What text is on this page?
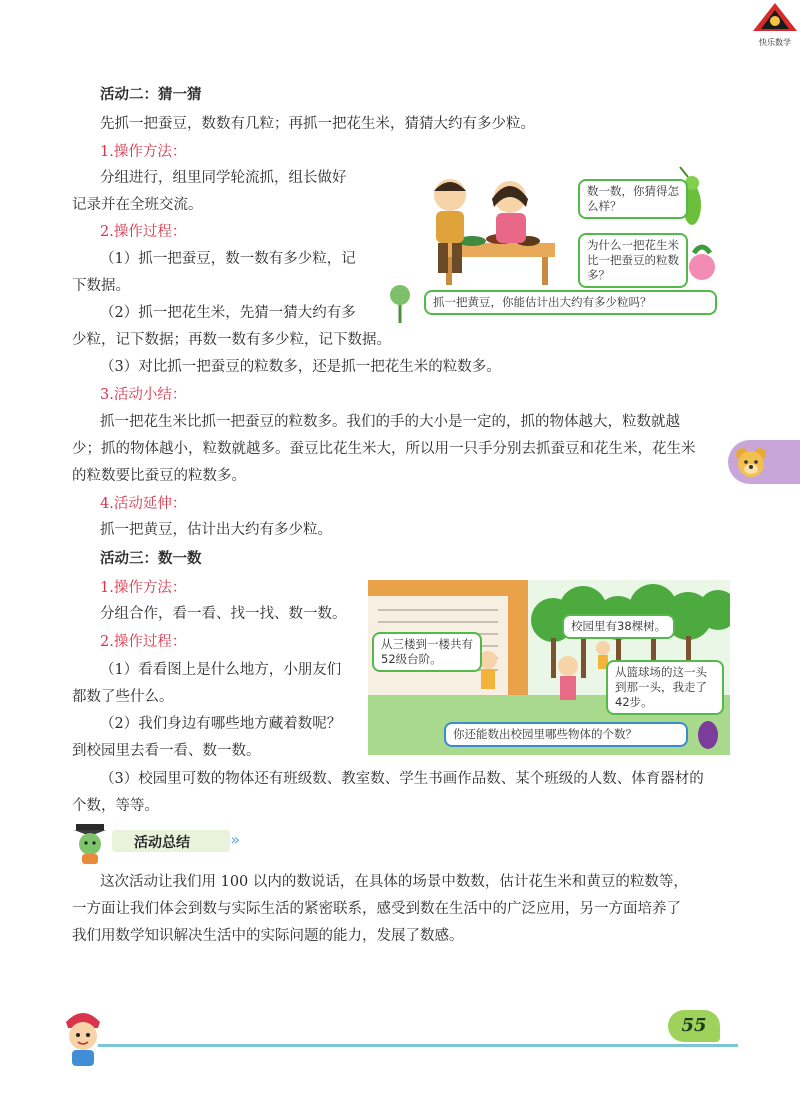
快乐数学
活动二：猜一猜
先抓一把蚕豆，数数有几粒；再抓一把花生米，猜猜大约有多少粒。
1.操作方法：
分组进行，组里同学轮流抓，组长做好
记录并在全班交流。
2.操作过程：
（1）抓一把蚕豆，数一数有多少粒，记
下数据。
（2）抓一把花生米，先猜一猜大约有多
少粒，记下数据；再数一数有多少粒，记下数据。
（3）对比抓一把蚕豆的粒数多，还是抓一把花生米的粒数多。
3.活动小结：
抓一把花生米比抓一把蚕豆的粒数多。我们的手的大小是一定的，抓的物体越大，粒数就越
少；抓的物体越小，粒数就越多。蚕豆比花生米大，所以用一只手分别去抓蚕豆和花生米，花生米
的粒数要比蚕豆的粒数多。
4.活动延伸：
抓一把黄豆，估计出大约有多少粒。
数一数，你猜得怎么样？
为什么一把花生米比一把蚕豆的粒数多？
抓一把黄豆，你能估计出大约有多少粒吗？
活动三：数一数
1.操作方法：
分组合作，看一看、找一找、数一数。
2.操作过程：
（1）看看图上是什么地方，小朋友们
都数了些什么。
（2）我们身边有哪些地方藏着数呢？
到校园里去看一看、数一数。
（3）校园里可数的物体还有班级数、教室数、学生书画作品数、某个班级的人数、体育器材的
个数，等等。
校园里有38棵树。
从三楼到一楼共有52级台阶。
从篮球场的这一头到那一头，我走了42步。
你还能数出校园里哪些物体的个数？
活动总结	»
这次活动让我们用 100 以内的数说话，在具体的场景中数数，估计花生米和黄豆的粒数等，
一方面让我们体会到数与实际生活的紧密联系，感受到数在生活中的广泛应用，另一方面培养了
我们用数学知识解决生活中的实际问题的能力，发展了数感。
55
